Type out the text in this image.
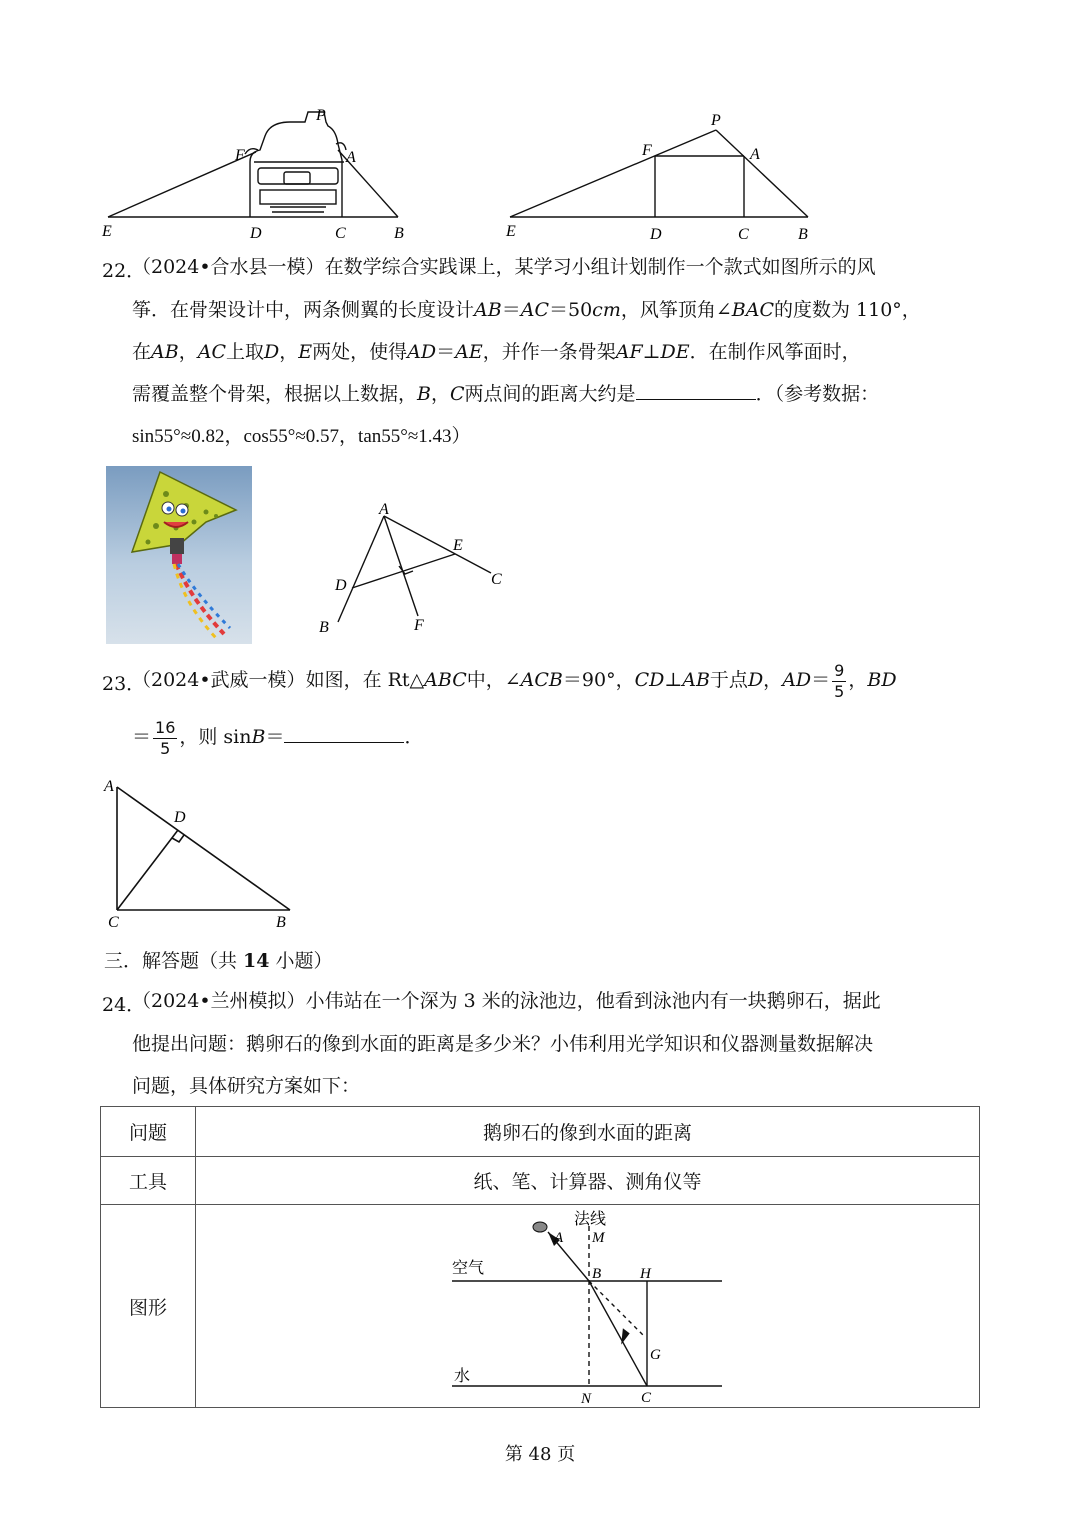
P
F	A
E	D	C	B
P
F	A
E	D	C	B
22．
（2024•合水县一模）在数学综合实践课上，某学习小组计划制作一个款式如图所示的风
筝．在骨架设计中，两条侧翼的长度设计AB＝AC＝50cm，风筝顶角∠BAC的度数为 110°，
在AB，AC上取D，E两处，使得AD＝AE，并作一条骨架AF⊥DE．在制作风筝面时，
需覆盖整个骨架，根据以上数据，B，C两点间的距离大约是	．（参考数据：
sin55°≈0.82，cos55°≈0.57，tan55°≈1.43）
A
E
C
D
B	F
23．
（2024•武威一模）如图，在 Rt△ABC中，∠ACB＝90°，CD⊥AB于点D，$AD= \frac{9}{5}$ ，BD
＝ $\frac{16}{5}$ ，则 sinB＝	．
A
D
C	B
三．解答题（共 14 小题）
24．
（2024•兰州模拟）小伟站在一个深为 3 米的泳池边，他看到泳池内有一块鹅卵石，据此
他提出问题：鹅卵石的像到水面的距离是多少米？小伟利用光学知识和仪器测量数据解决
问题，具体研究方案如下：
问题	鹅卵石的像到水面的距离
工具	纸、笔、计算器、测角仪等
图形	
法线
空气
水
A M
B	H
G
N	C
第 48 页
